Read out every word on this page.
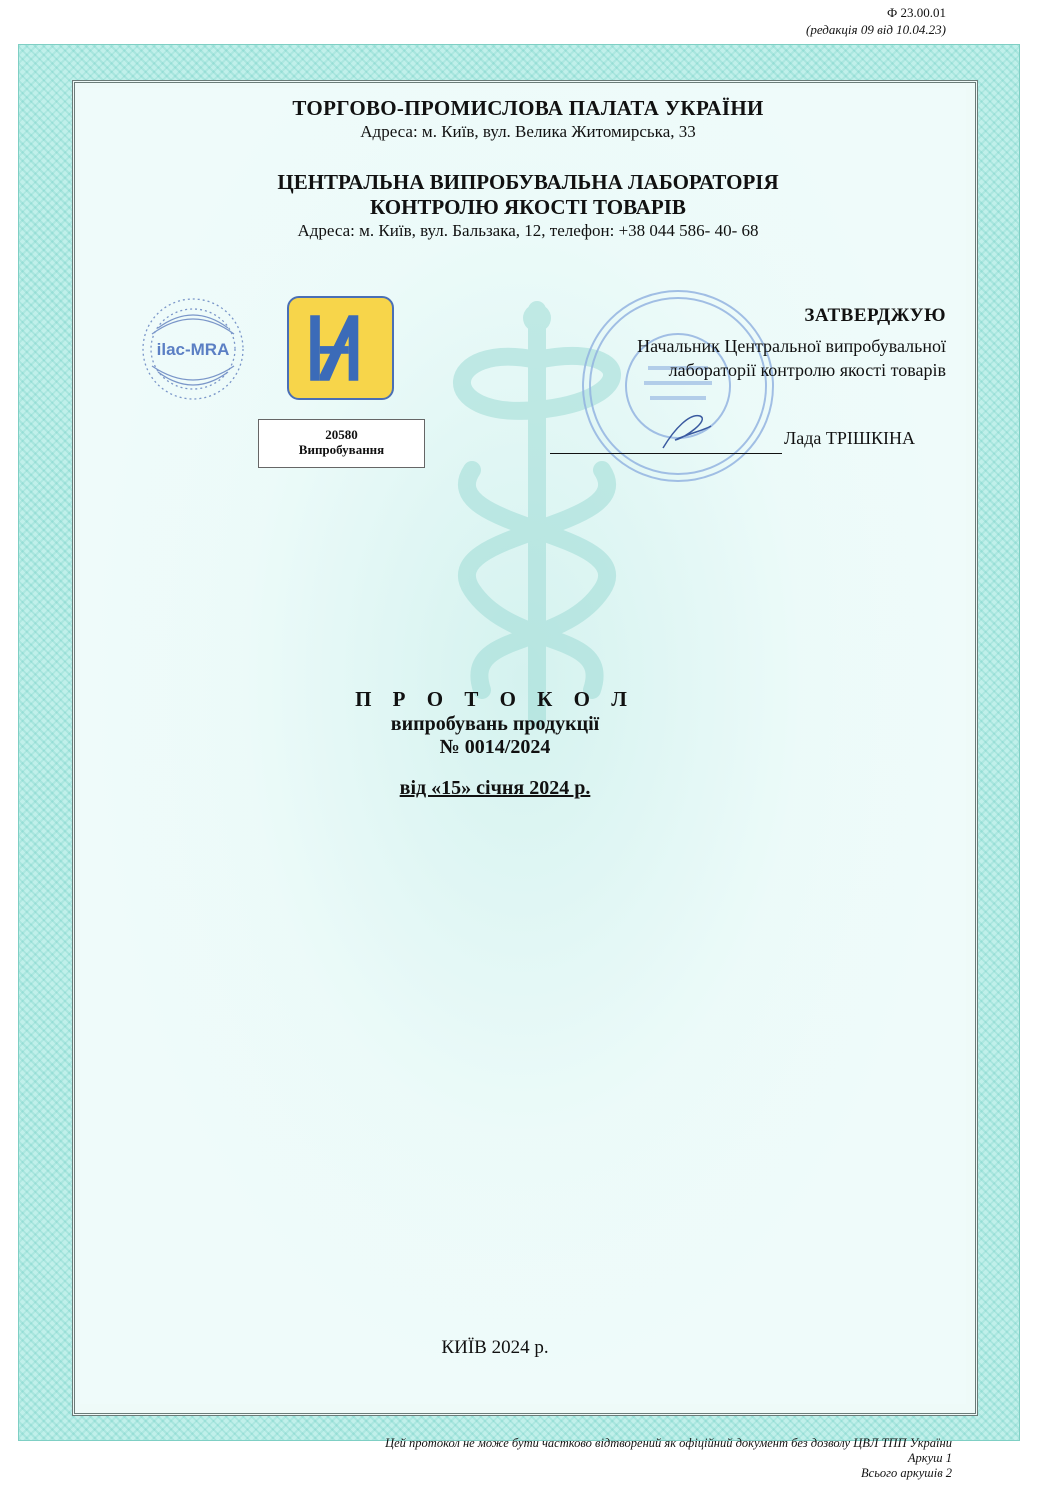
Ф 23.00.01
(редакція 09 від 10.04.23)
ТОРГОВО-ПРОМИСЛОВА ПАЛАТА УКРАЇНИ
Адреса: м. Київ, вул. Велика Житомирська, 33
ЦЕНТРАЛЬНА ВИПРОБУВАЛЬНА ЛАБОРАТОРІЯ
КОНТРОЛЮ ЯКОСТІ ТОВАРІВ
Адреса: м. Київ, вул. Бальзака, 12, телефон: +38 044 586- 40- 68
ilac-MRA
20580
Випробування
ЗАТВЕРДЖУЮ
Начальник Центральної випробувальної
лабораторії контролю якості товарів
Лада ТРІШКІНА
П Р О Т О К О Л
випробувань продукції
№ 0014/2024
від «15» січня 2024 р.
КИЇВ 2024 р.
Цей протокол не може бути частково відтворений як офіційний документ без дозволу ЦВЛ ТПП України
Аркуш 1
Всього аркушів 2
